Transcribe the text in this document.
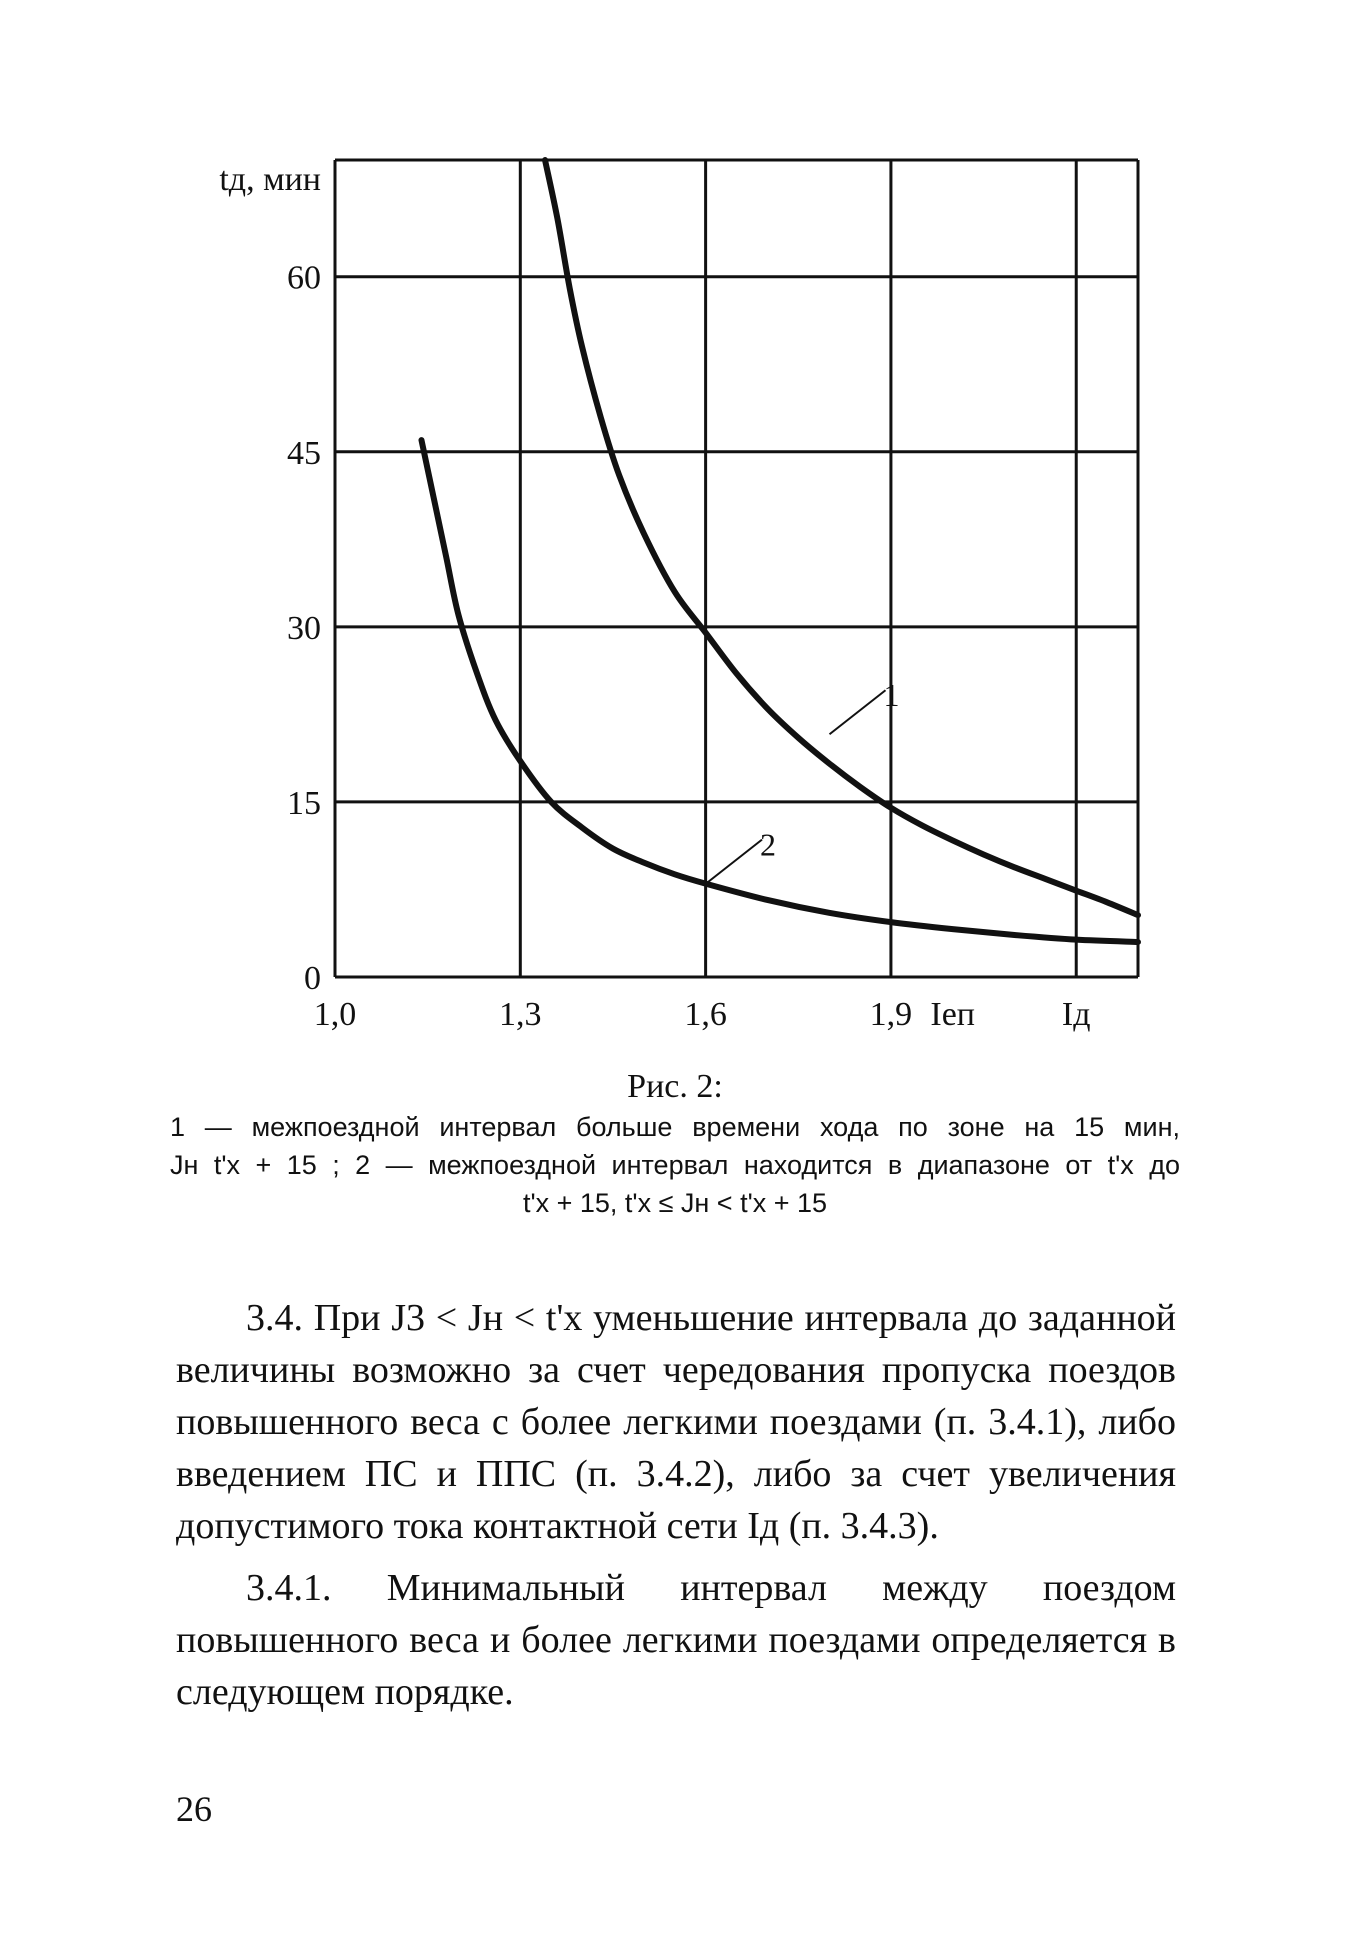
1
2
1,0	1,3	1,6	1,9 Iеп	Iд
0
15
30
45
60
tд, мин
Рис. 2:
1 — межпоездной интервал больше времени хода по зоне на 15 мин,
Jн t'х + 15 ; 2 — межпоездной интервал находится в диапазоне от t'х до
t'х + 15, t'х ≤ Jн < t'х + 15

3.4. При J3 < Jн < t'х уменьшение интервала до заданной величины возможно за счет чередования пропуска поездов повышенного веса с более легкими поездами (п. 3.4.1), либо введением ПС и ППС (п. 3.4.2), либо за счет увеличения допустимого тока контактной сети Iд (п. 3.4.3).

3.4.1. Минимальный интервал между поездом повышенного веса и более легкими поездами определяется в следующем порядке.

26
